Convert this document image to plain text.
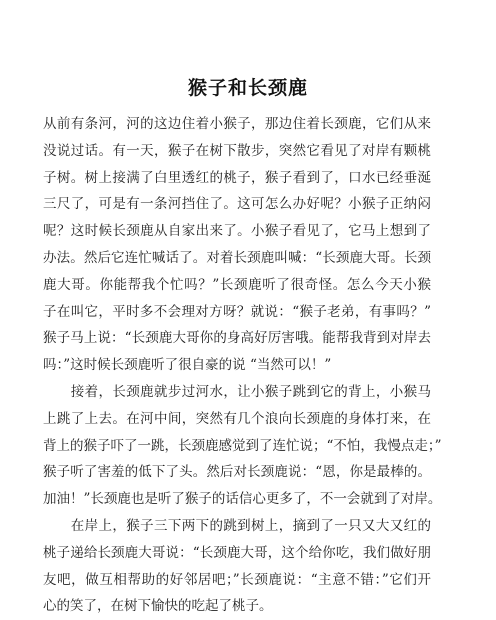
猴子和长颈鹿
从前有条河，河的这边住着小猴子，那边住着长颈鹿，它们从来
没说过话。有一天，猴子在树下散步，突然它看见了对岸有颗桃
子树。树上接满了白里透红的桃子，猴子看到了，口水已经垂涎
三尺了，可是有一条河挡住了。这可怎么办好呢？小猴子正纳闷
呢？这时候长颈鹿从自家出来了。小猴子看见了，它马上想到了
办法。然后它连忙喊话了。对着长颈鹿叫喊：“长颈鹿大哥。长颈
鹿大哥。你能帮我个忙吗？”长颈鹿听了很奇怪。怎么今天小猴
子在叫它，平时多不会理对方呀？就说：“猴子老弟，有事吗？”
猴子马上说：“长颈鹿大哥你的身高好厉害哦。能帮我背到对岸去
吗：”这时候长颈鹿听了很自豪的说 “当然可以！”
　　接着，长颈鹿就步过河水，让小猴子跳到它的背上，小猴马
上跳了上去。在河中间，突然有几个浪向长颈鹿的身体打来，在
背上的猴子吓了一跳，长颈鹿感觉到了连忙说；“不怕，我慢点走；”
猴子听了害羞的低下了头。然后对长颈鹿说：“恩，你是最棒的。
加油！”长颈鹿也是听了猴子的话信心更多了，不一会就到了对岸。
　　在岸上，猴子三下两下的跳到树上，摘到了一只又大又红的
桃子递给长颈鹿大哥说：“长颈鹿大哥，这个给你吃，我们做好朋
友吧，做互相帮助的好邻居吧；”长颈鹿说：“主意不错：”它们开
心的笑了，在树下愉快的吃起了桃子。
